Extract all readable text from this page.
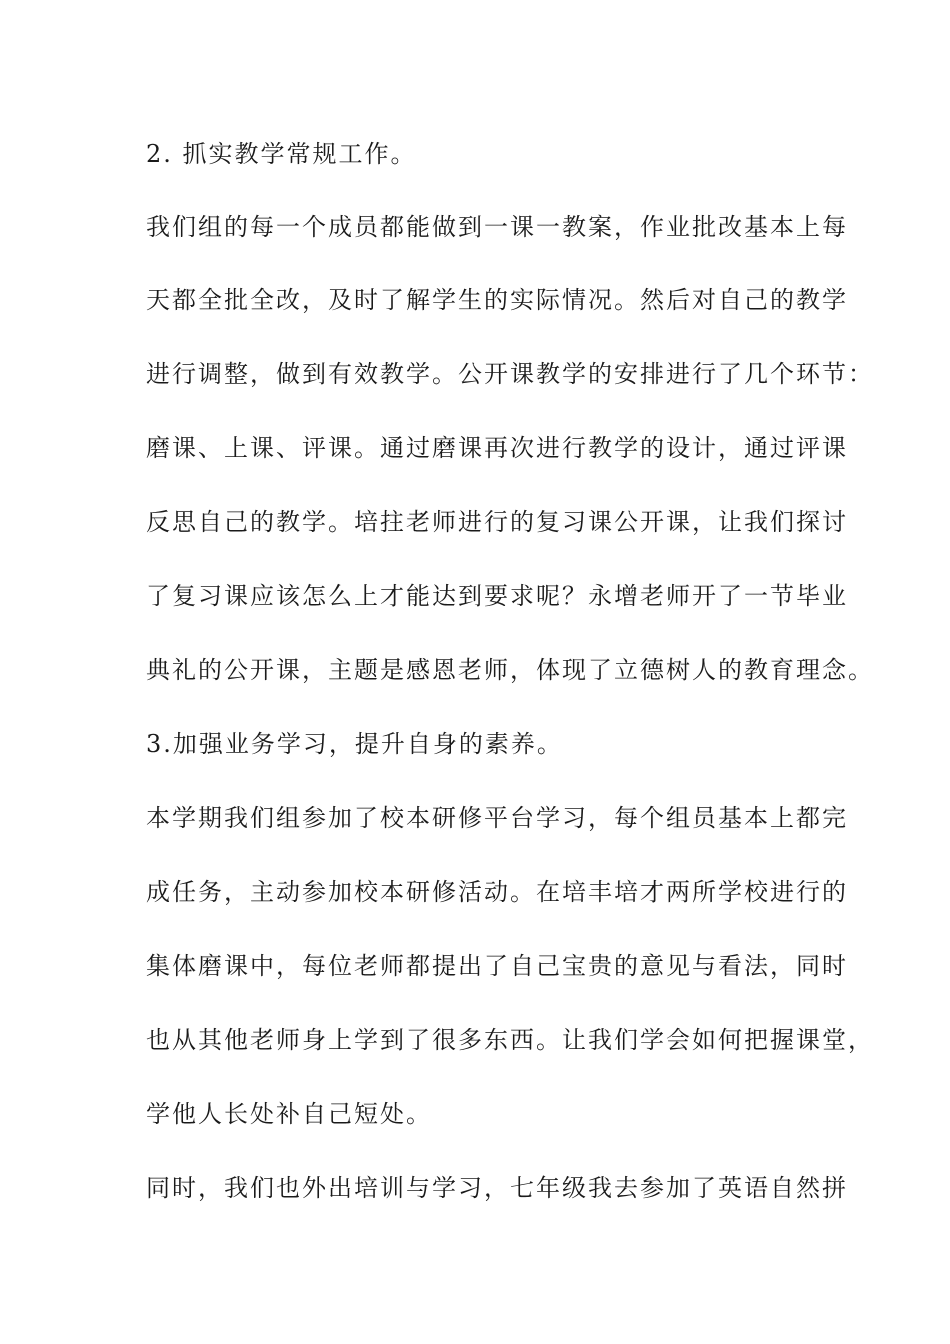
2. 抓实教学常规工作。
我们组的每一个成员都能做到一课一教案，作业批改基本上每
天都全批全改，及时了解学生的实际情况。然后对自己的教学
进行调整，做到有效教学。公开课教学的安排进行了几个环节：
磨课、上课、评课。通过磨课再次进行教学的设计，通过评课
反思自己的教学。培拄老师进行的复习课公开课，让我们探讨
了复习课应该怎么上才能达到要求呢？永增老师开了一节毕业
典礼的公开课，主题是感恩老师，体现了立德树人的教育理念。
3.加强业务学习，提升自身的素养。
本学期我们组参加了校本研修平台学习，每个组员基本上都完
成任务，主动参加校本研修活动。在培丰培才两所学校进行的
集体磨课中，每位老师都提出了自己宝贵的意见与看法，同时
也从其他老师身上学到了很多东西。让我们学会如何把握课堂，
学他人长处补自己短处。
同时，我们也外出培训与学习，七年级我去参加了英语自然拼
